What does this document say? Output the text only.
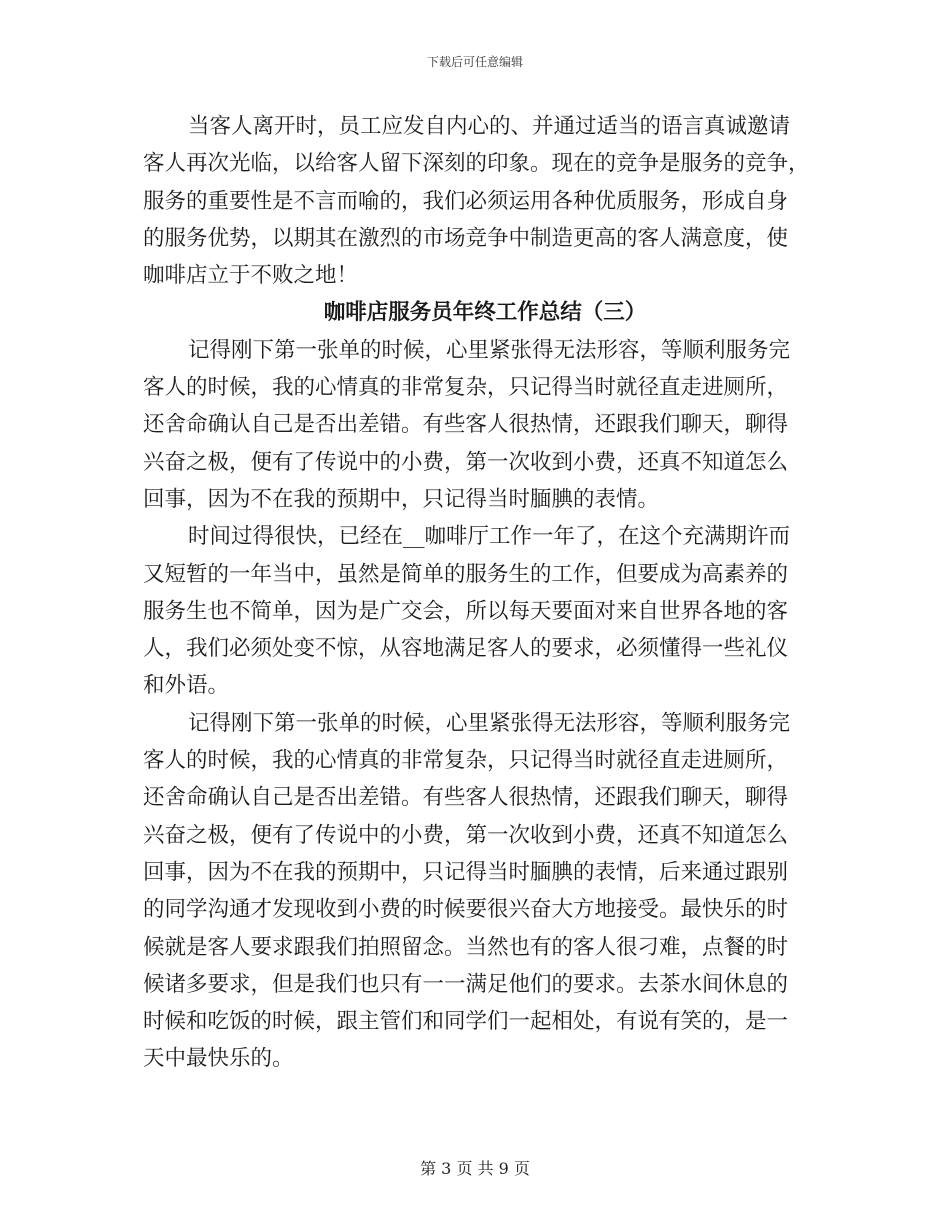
下载后可任意编辑
当客人离开时，员工应发自内心的、并通过适当的语言真诚邀请
客人再次光临，以给客人留下深刻的印象。现在的竞争是服务的竞争，
服务的重要性是不言而喻的，我们必须运用各种优质服务，形成自身
的服务优势，以期其在激烈的市场竞争中制造更高的客人满意度，使
咖啡店立于不败之地！
咖啡店服务员年终工作总结（三）
记得刚下第一张单的时候，心里紧张得无法形容，等顺利服务完
客人的时候，我的心情真的非常复杂，只记得当时就径直走进厕所，
还舍命确认自己是否出差错。有些客人很热情，还跟我们聊天，聊得
兴奋之极，便有了传说中的小费，第一次收到小费，还真不知道怎么
回事，因为不在我的预期中，只记得当时腼腆的表情。
时间过得很快，已经在__咖啡厅工作一年了，在这个充满期许而
又短暂的一年当中，虽然是简单的服务生的工作，但要成为高素养的
服务生也不简单，因为是广交会，所以每天要面对来自世界各地的客
人，我们必须处变不惊，从容地满足客人的要求，必须懂得一些礼仪
和外语。
记得刚下第一张单的时候，心里紧张得无法形容，等顺利服务完
客人的时候，我的心情真的非常复杂，只记得当时就径直走进厕所，
还舍命确认自己是否出差错。有些客人很热情，还跟我们聊天，聊得
兴奋之极，便有了传说中的小费，第一次收到小费，还真不知道怎么
回事，因为不在我的预期中，只记得当时腼腆的表情，后来通过跟别
的同学沟通才发现收到小费的时候要很兴奋大方地接受。最快乐的时
候就是客人要求跟我们拍照留念。当然也有的客人很刁难，点餐的时
候诸多要求，但是我们也只有一一满足他们的要求。去茶水间休息的
时候和吃饭的时候，跟主管们和同学们一起相处，有说有笑的，是一
天中最快乐的。
第 3 页 共 9 页
